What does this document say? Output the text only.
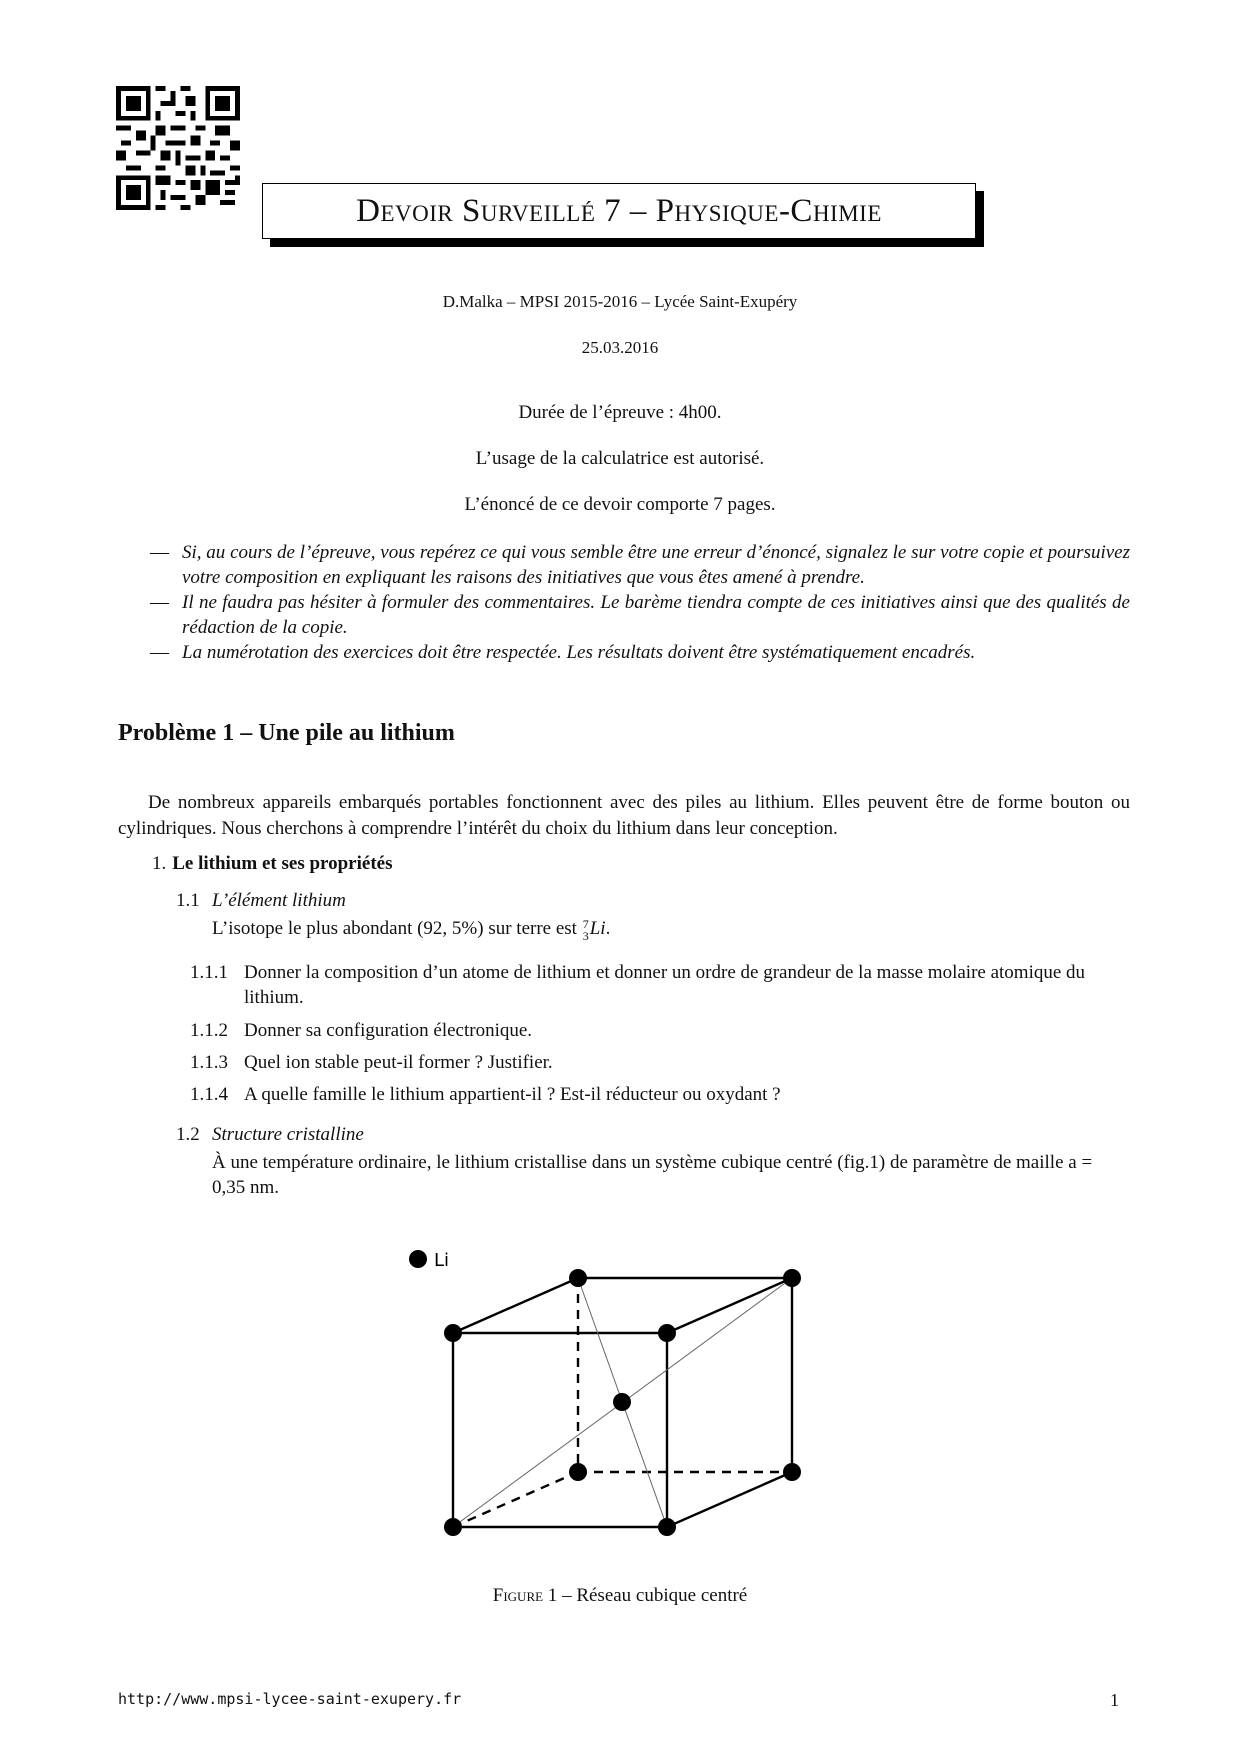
Devoir Surveillé 7 – Physique-Chimie
D.Malka – MPSI 2015-2016 – Lycée Saint-Exupéry
25.03.2016
Durée de l’épreuve : 4h00.
L’usage de la calculatrice est autorisé.
L’énoncé de ce devoir comporte 7 pages.
— Si, au cours de l’épreuve, vous repérez ce qui vous semble être une erreur d’énoncé, signalez le sur votre copie et poursuivez votre composition en expliquant les raisons des initiatives que vous êtes amené à prendre.
— Il ne faudra pas hésiter à formuler des commentaires. Le barème tiendra compte de ces initiatives ainsi que des qualités de rédaction de la copie.
— La numérotation des exercices doit être respectée. Les résultats doivent être systématiquement encadrés.
Problème 1 – Une pile au lithium
De nombreux appareils embarqués portables fonctionnent avec des piles au lithium. Elles peuvent être de forme bouton ou cylindriques. Nous cherchons à comprendre l’intérêt du choix du lithium dans leur conception.
1. Le lithium et ses propriétés
1.1 L’élément lithium
L’isotope le plus abondant (92, 5%) sur terre est 7
3 Li.
1.1.1 Donner la composition d’un atome de lithium et donner un ordre de grandeur de la masse molaire atomique du lithium.
1.1.2 Donner sa configuration électronique.
1.1.3 Quel ion stable peut-il former ? Justifier.
1.1.4 A quelle famille le lithium appartient-il ? Est-il réducteur ou oxydant ?
1.2 Structure cristalline
À une température ordinaire, le lithium cristallise dans un système cubique centré (fig.1) de paramètre de maille a = 0,35 nm.
Li
Figure 1 – Réseau cubique centré
http://www.mpsi-lycee-saint-exupery.fr	1
